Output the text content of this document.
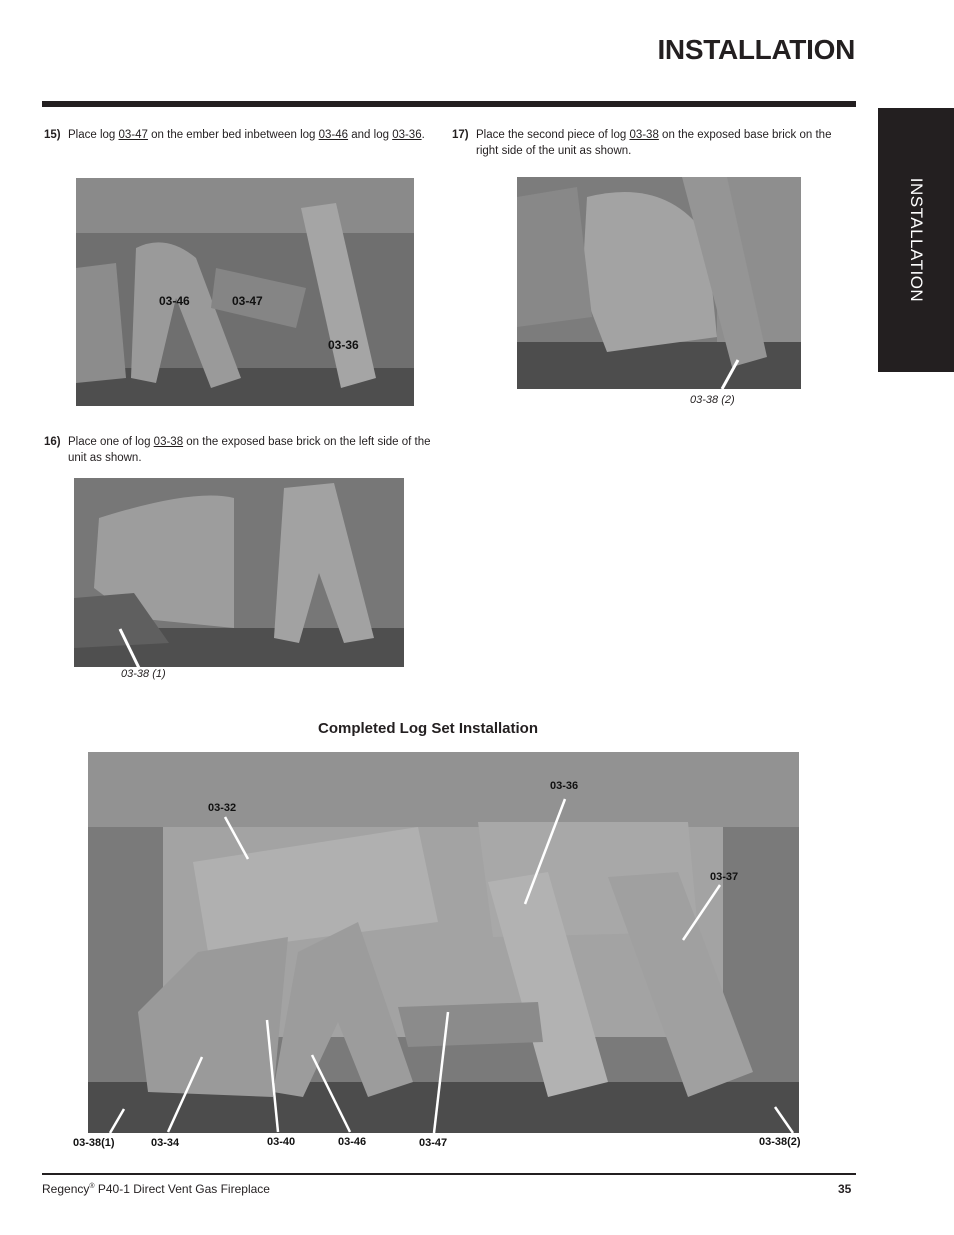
INSTALLATION
INSTALLATION
15) Place log 03-47 on the ember bed inbetween log 03-46 and log 03-36.
03-46	03-47
03-36
16) Place one of log 03-38 on the exposed base brick on the left side of the unit as shown.
03-38 (1)
17) Place the second piece of log 03-38 on the exposed base brick on the right side of the unit as shown.
03-38 (2)
Completed Log Set Installation
03-32
03-36
03-37
03-38(1)	03-34	03-40	03-46	03-47	03-38(2)
Regency® P40-1 Direct Vent Gas Fireplace	35
